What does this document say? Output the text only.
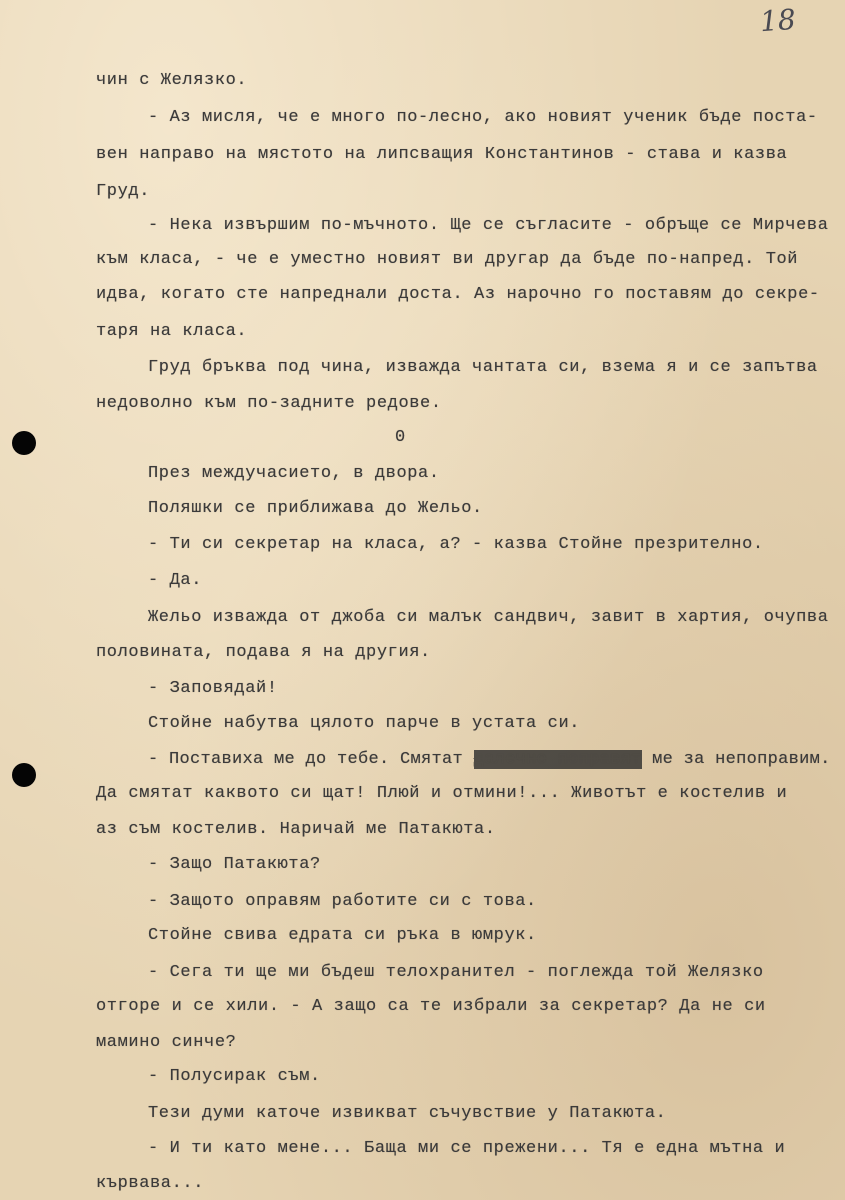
18

чин с Желязко.

- Аз мисля, че е много по-лесно, ако новият ученик бъде поста-

вен направо на мястото на липсващия Константинов - става и казва

Груд.

- Нека извършим по-мъчното. Ще се съгласите - обръще се Мирчева

към класа, - че е уместно новият ви другар да бъде по-напред. Той

идва, когато сте напреднали доста. Аз нарочно го поставям до секре-

таря на класа.

Груд бръква под чина, изважда чантата си, взема я и се запътва

недоволно към по-задните редове.

0

През междучасието, в двора.

Поляшки се приближава до Жельо.

- Ти си секретар на класа, а? - казва Стойне презрително.

- Да.

Жельо изважда от джоба си малък сандвич, завит в хартия, очупва

половината, подава я на другия.

- Заповядай!

Стойне набутва цялото парче в устата си.

- Поставиха ме до тебе. Смятат далечно поправят ме за непоправим.

Да смятат каквото си щат! Плюй и отмини!... Животът е костелив и

аз съм костелив. Наричай ме Патакюта.

- Защо Патакюта?

- Защото оправям работите си с това.

Стойне свива едрата си ръка в юмрук.

- Сега ти ще ми бъдеш телохранител - поглежда той Желязко

отгоре и се хили. - А защо са те избрали за секретар? Да не си

мамино синче?

- Полусирак съм.

Тези думи каточе извикват съчувствие у Патакюта.

- И ти като мене... Баща ми се прежени... Тя е една мътна и

кървава...
